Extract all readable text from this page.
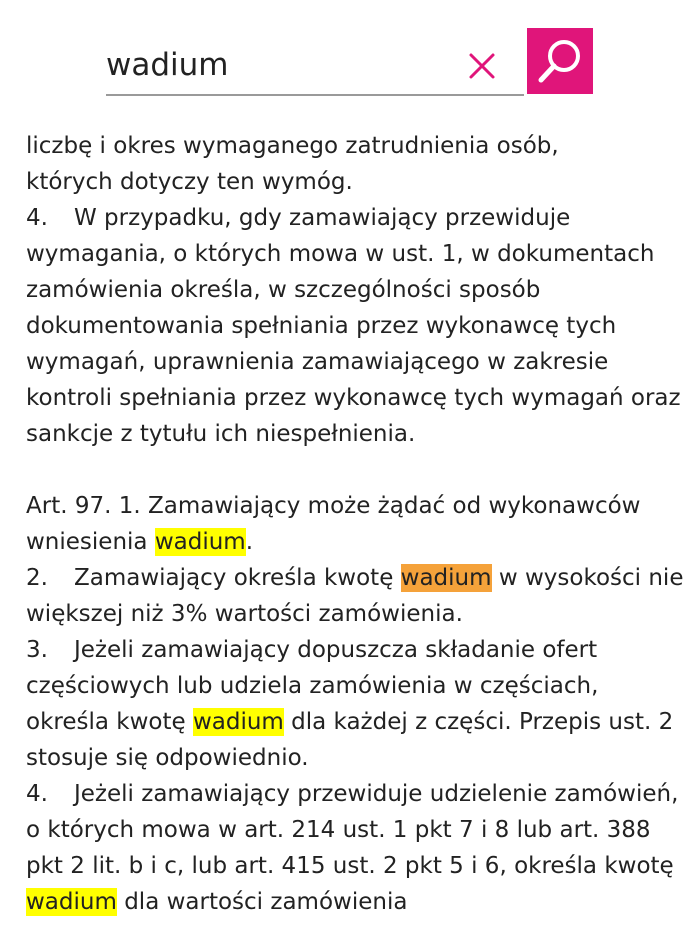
wadium

liczbę i okres wymaganego zatrudnienia osób,

których dotyczy ten wymóg.

4. W przypadku, gdy zamawiający przewiduje wymagania, o których mowa w ust. 1, w dokumentach zamówienia określa, w szczególności sposób dokumentowania spełniania przez wykonawcę tych wymagań, uprawnienia zamawiającego w zakresie kontroli spełniania przez wykonawcę tych wymagań oraz sankcje z tytułu ich niespełnienia.

Art. 97. 1. Zamawiający może żądać od wykonawców wniesienia wadium.

2. Zamawiający określa kwotę wadium w wysokości nie większej niż 3% wartości zamówienia.

3. Jeżeli zamawiający dopuszcza składanie ofert częściowych lub udziela zamówienia w częściach, określa kwotę wadium dla każdej z części. Przepis ust. 2 stosuje się odpowiednio.

4. Jeżeli zamawiający przewiduje udzielenie zamówień, o których mowa w art. 214 ust. 1 pkt 7 i 8 lub art. 388 pkt 2 lit. b i c, lub art. 415 ust. 2 pkt 5 i 6, określa kwotę wadium dla wartości zamówienia
